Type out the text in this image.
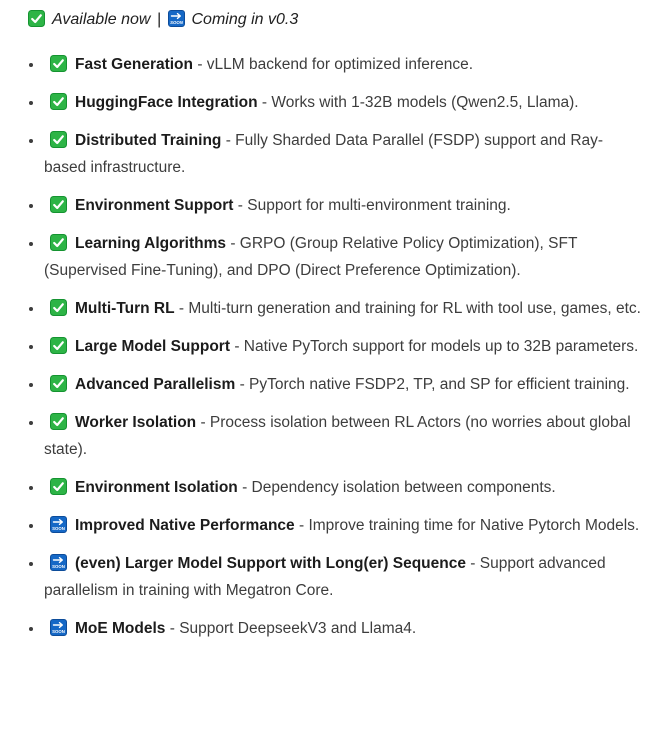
Available now | SOON Coming in v0.3

• Fast Generation - vLLM backend for optimized inference.
• HuggingFace Integration - Works with 1-32B models (Qwen2.5, Llama).
• Distributed Training - Fully Sharded Data Parallel (FSDP) support and Ray-based infrastructure.
• Environment Support - Support for multi-environment training.
• Learning Algorithms - GRPO (Group Relative Policy Optimization), SFT (Supervised Fine-Tuning), and DPO (Direct Preference Optimization).
• Multi-Turn RL - Multi-turn generation and training for RL with tool use, games, etc.
• Large Model Support - Native PyTorch support for models up to 32B parameters.
• Advanced Parallelism - PyTorch native FSDP2, TP, and SP for efficient training.
• Worker Isolation - Process isolation between RL Actors (no worries about global state).
• Environment Isolation - Dependency isolation between components.
• SOON Improved Native Performance - Improve training time for Native Pytorch Models.
• SOON (even) Larger Model Support with Long(er) Sequence - Support advanced parallelism in training with Megatron Core.
• SOON MoE Models - Support DeepseekV3 and Llama4.
